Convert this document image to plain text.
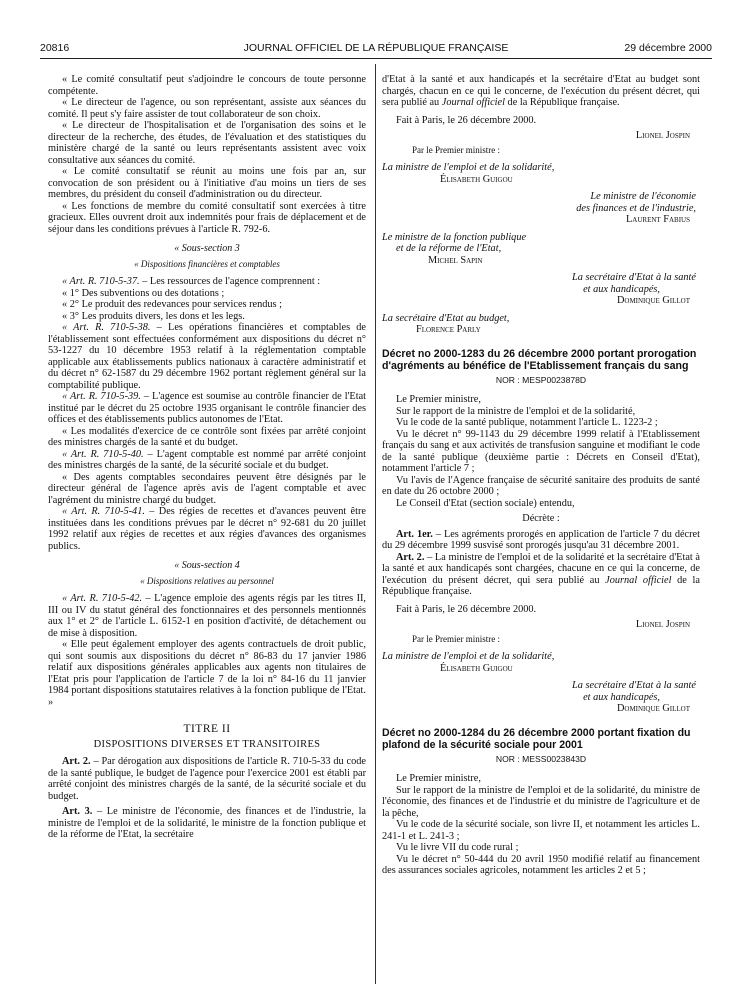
20816	JOURNAL OFFICIEL DE LA RÉPUBLIQUE FRANÇAISE	29 décembre 2000

« Le comité consultatif peut s'adjoindre le concours de toute personne compétente.

« Le directeur de l'agence, ou son représentant, assiste aux séances du comité. Il peut s'y faire assister de tout collaborateur de son choix.

« Le directeur de l'hospitalisation et de l'organisation des soins et le directeur de la recherche, des études, de l'évaluation et des statistiques du ministère chargé de la santé ou leurs représentants assistent avec voix consultative aux séances du comité.

« Le comité consultatif se réunit au moins une fois par an, sur convocation de son président ou à l'initiative d'au moins un tiers de ses membres, du président du conseil d'administration ou du directeur.

« Les fonctions de membre du comité consultatif sont exercées à titre gracieux. Elles ouvrent droit aux indemnités pour frais de déplacement et de séjour dans les conditions prévues à l'article R. 792-6.

« Sous-section 3

« Dispositions financières et comptables

« Art. R. 710-5-37. – Les ressources de l'agence comprennent :

« 1° Des subventions ou des dotations ;

« 2° Le produit des redevances pour services rendus ;

« 3° Les produits divers, les dons et les legs.

« Art. R. 710-5-38. – Les opérations financières et comptables de l'établissement sont effectuées conformément aux dispositions du décret n° 53-1227 du 10 décembre 1953 relatif à la réglementation comptable applicable aux établissements publics nationaux à caractère administratif et du décret n° 62-1587 du 29 décembre 1962 portant règlement général sur la comptabilité publique.

« Art. R. 710-5-39. – L'agence est soumise au contrôle financier de l'Etat institué par le décret du 25 octobre 1935 organisant le contrôle financier des offices et des établissements publics autonomes de l'Etat.

« Les modalités d'exercice de ce contrôle sont fixées par arrêté conjoint des ministres chargés de la santé et du budget.

« Art. R. 710-5-40. – L'agent comptable est nommé par arrêté conjoint des ministres chargés de la santé, de la sécurité sociale et du budget.

« Des agents comptables secondaires peuvent être désignés par le directeur général de l'agence après avis de l'agent comptable et avec l'agrément du ministre chargé du budget.

« Art. R. 710-5-41. – Des régies de recettes et d'avances peuvent être instituées dans les conditions prévues par le décret n° 92-681 du 20 juillet 1992 relatif aux régies de recettes et aux régies d'avances des organismes publics.

« Sous-section 4

« Dispositions relatives au personnel

« Art. R. 710-5-42. – L'agence emploie des agents régis par les titres II, III ou IV du statut général des fonctionnaires et des personnels mentionnés aux 1° et 2° de l'article L. 6152-1 en position d'activité, de détachement ou de mise à disposition.

« Elle peut également employer des agents contractuels de droit public, qui sont soumis aux dispositions du décret n° 86-83 du 17 janvier 1986 relatif aux dispositions générales applicables aux agents non titulaires de l'Etat pris pour l'application de l'article 7 de la loi n° 84-16 du 11 janvier 1984 portant dispositions statutaires relatives à la fonction publique de l'Etat. »

TITRE II

DISPOSITIONS DIVERSES ET TRANSITOIRES

Art. 2. – Par dérogation aux dispositions de l'article R. 710-5-33 du code de la santé publique, le budget de l'agence pour l'exercice 2001 est établi par arrêté conjoint des ministres chargés de la santé, de la sécurité sociale et du budget.

Art. 3. – Le ministre de l'économie, des finances et de l'industrie, la ministre de l'emploi et de la solidarité, le ministre de la fonction publique et de la réforme de l'Etat, la secrétaire

d'Etat à la santé et aux handicapés et la secrétaire d'Etat au budget sont chargés, chacun en ce qui le concerne, de l'exécution du présent décret, qui sera publié au Journal officiel de la République française.

Fait à Paris, le 26 décembre 2000.

Lionel Jospin

Par le Premier ministre :

La ministre de l'emploi et de la solidarité,

Élisabeth Guigou

Le ministre de l'économie

des finances et de l'industrie,

Laurent Fabius

Le ministre de la fonction publique

et de la réforme de l'Etat,

Michel Sapin

La secrétaire d'Etat à la santé

et aux handicapés,

Dominique Gillot

La secrétaire d'Etat au budget,

Florence Parly

Décret no 2000-1283 du 26 décembre 2000 portant prorogation d'agréments au bénéfice de l'Etablissement français du sang

NOR : MESP0023878D

Le Premier ministre,

Sur le rapport de la ministre de l'emploi et de la solidarité,

Vu le code de la santé publique, notamment l'article L. 1223-2 ;

Vu le décret n° 99-1143 du 29 décembre 1999 relatif à l'Etablissement français du sang et aux activités de transfusion sanguine et modifiant le code de la santé publique (deuxième partie : Décrets en Conseil d'Etat), notamment l'article 7 ;

Vu l'avis de l'Agence française de sécurité sanitaire des produits de santé en date du 26 octobre 2000 ;

Le Conseil d'Etat (section sociale) entendu,

Décrète :

Art. 1er. – Les agréments prorogés en application de l'article 7 du décret du 29 décembre 1999 susvisé sont prorogés jusqu'au 31 décembre 2001.

Art. 2. – La ministre de l'emploi et de la solidarité et la secrétaire d'Etat à la santé et aux handicapés sont chargées, chacune en ce qui la concerne, de l'exécution du présent décret, qui sera publié au Journal officiel de la République française.

Fait à Paris, le 26 décembre 2000.

Lionel Jospin

Par le Premier ministre :

La ministre de l'emploi et de la solidarité,

Élisabeth Guigou

La secrétaire d'Etat à la santé

et aux handicapés,

Dominique Gillot

Décret no 2000-1284 du 26 décembre 2000 portant fixation du plafond de la sécurité sociale pour 2001

NOR : MESS0023843D

Le Premier ministre,

Sur le rapport de la ministre de l'emploi et de la solidarité, du ministre de l'économie, des finances et de l'industrie et du ministre de l'agriculture et de la pêche,

Vu le code de la sécurité sociale, son livre II, et notamment les articles L. 241-1 et L. 241-3 ;

Vu le livre VII du code rural ;

Vu le décret n° 50-444 du 20 avril 1950 modifié relatif au financement des assurances sociales agricoles, notamment les articles 2 et 5 ;
